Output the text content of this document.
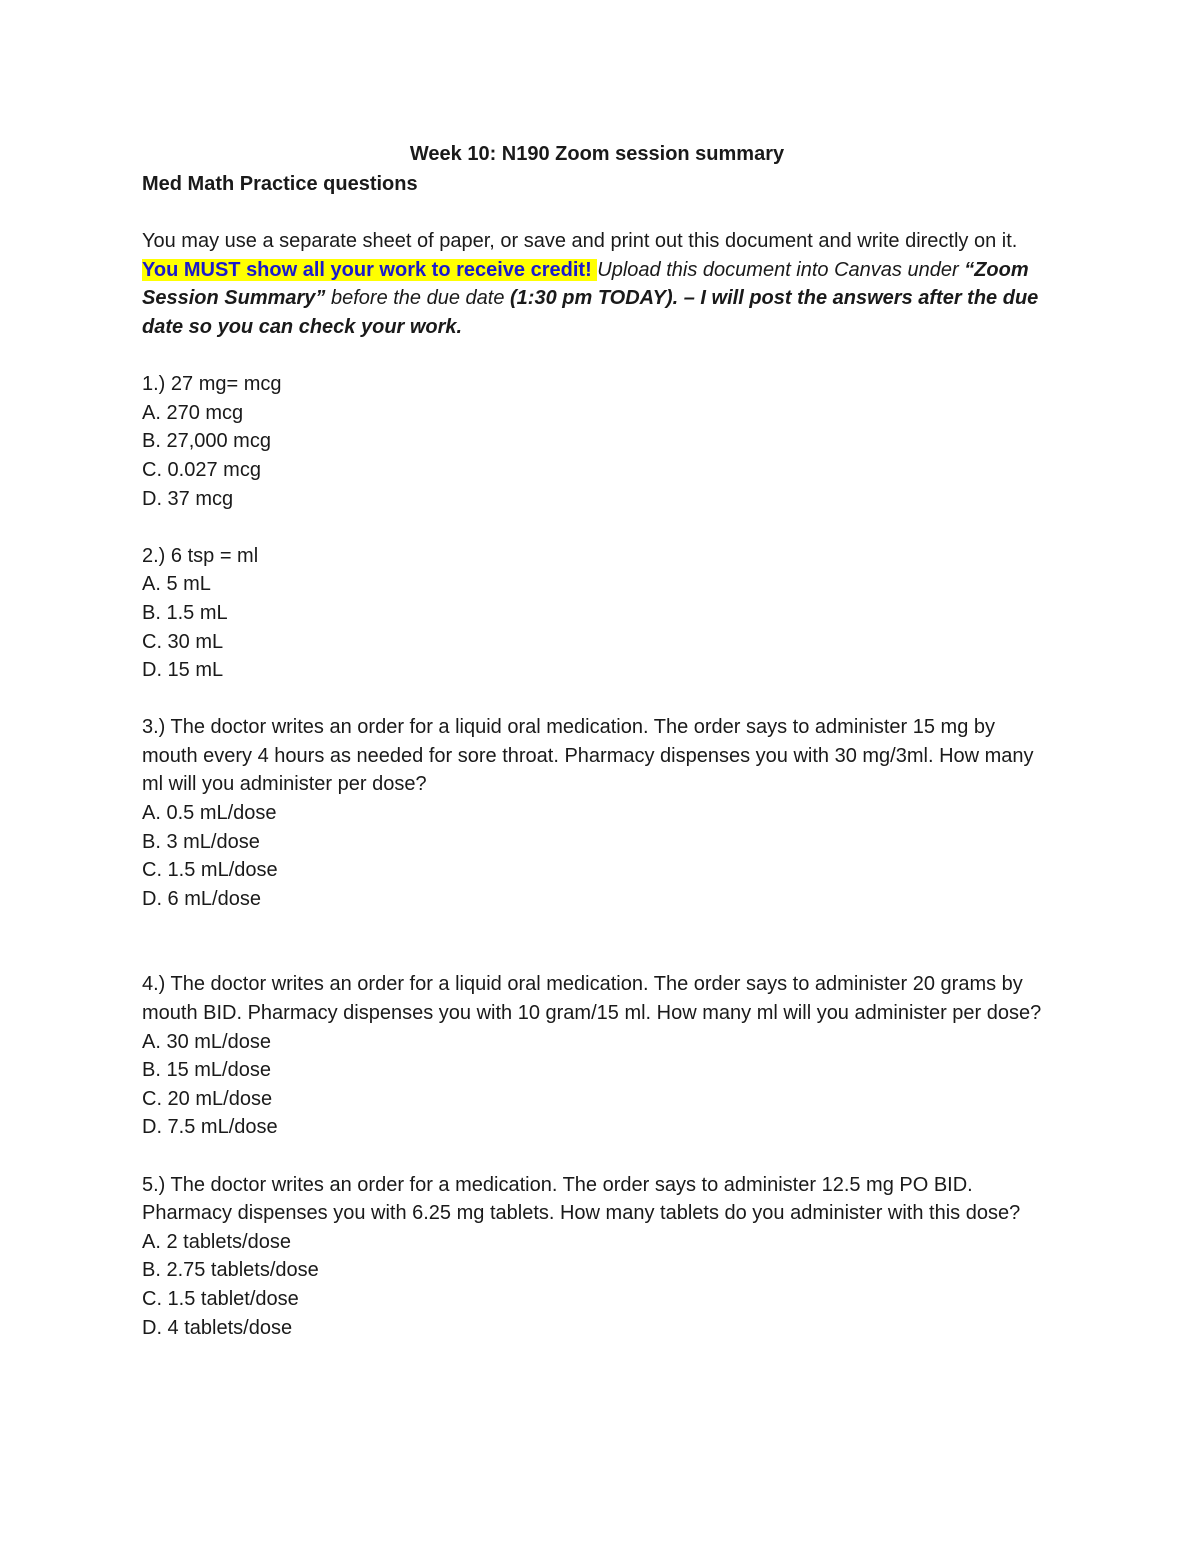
Week 10: N190 Zoom session summary

Med Math Practice questions

You may use a separate sheet of paper, or save and print out this document and write directly on it. You MUST show all your work to receive credit! Upload this document into Canvas under “Zoom Session Summary” before the due date (1:30 pm TODAY). – I will post the answers after the due date so you can check your work.

1.) 27 mg= mcg

A. 270 mcg

B. 27,000 mcg

C. 0.027 mcg

D. 37 mcg

2.) 6 tsp = ml

A. 5 mL

B. 1.5 mL

C. 30 mL

D. 15 mL

3.) The doctor writes an order for a liquid oral medication. The order says to administer 15 mg by mouth every 4 hours as needed for sore throat. Pharmacy dispenses you with 30 mg/3ml. How many ml will you administer per dose?

A. 0.5 mL/dose

B. 3 mL/dose

C. 1.5 mL/dose

D. 6 mL/dose

4.) The doctor writes an order for a liquid oral medication. The order says to administer 20 grams by mouth BID. Pharmacy dispenses you with 10 gram/15 ml. How many ml will you administer per dose?

A. 30 mL/dose

B. 15 mL/dose

C. 20 mL/dose

D. 7.5 mL/dose

5.) The doctor writes an order for a medication. The order says to administer 12.5 mg PO BID. Pharmacy dispenses you with 6.25 mg tablets. How many tablets do you administer with this dose?

A. 2 tablets/dose

B. 2.75 tablets/dose

C. 1.5 tablet/dose

D. 4 tablets/dose
